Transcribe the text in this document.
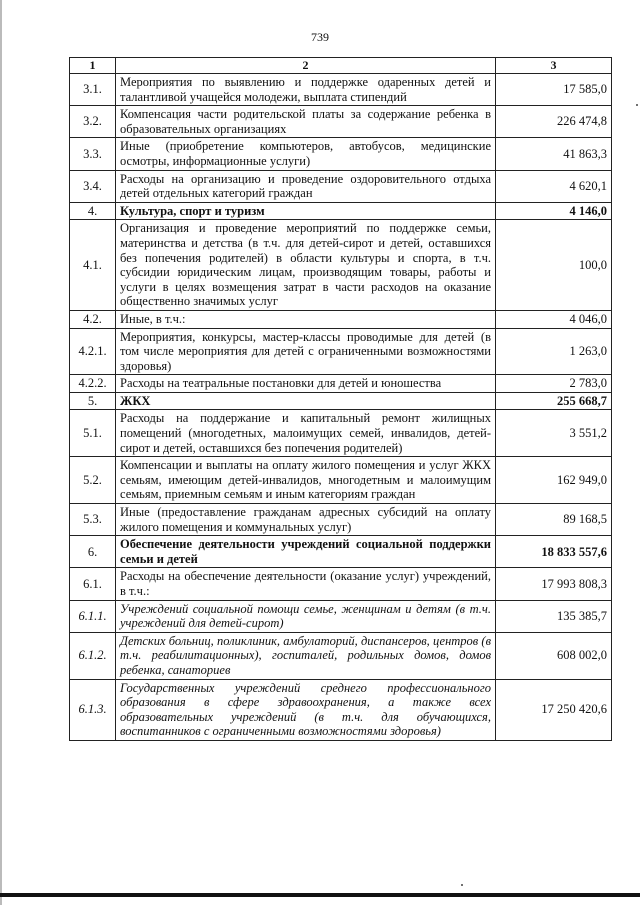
739
1	2	3
3.1.	Мероприятия по выявлению и поддержке одаренных детей и талантливой учащейся молодежи, выплата стипендий	17 585,0
3.2.	Компенсация части родительской платы за содержание ребенка в образовательных организациях	226 474,8
3.3.	Иные (приобретение компьютеров, автобусов, медицинские осмотры, информационные услуги)	41 863,3
3.4.	Расходы на организацию и проведение оздоровительного отдыха детей отдельных категорий граждан	4 620,1
4.	Культура, спорт и туризм	4 146,0
4.1.	Организация и проведение мероприятий по поддержке семьи, материнства и детства (в т.ч. для детей-сирот и детей, оставшихся без попечения родителей) в области культуры и спорта, в т.ч. субсидии юридическим лицам, производящим товары, работы и услуги в целях возмещения затрат в части расходов на оказание общественно значимых услуг	100,0
4.2.	Иные, в т.ч.:	4 046,0
4.2.1.	Мероприятия, конкурсы, мастер-классы проводимые для детей (в том числе мероприятия для детей с ограниченными возможностями здоровья)	1 263,0
4.2.2.	Расходы на театральные постановки для детей и юношества	2 783,0
5.	ЖКХ	255 668,7
5.1.	Расходы на поддержание и капитальный ремонт жилищных помещений (многодетных, малоимущих семей, инвалидов, детей-сирот и детей, оставшихся без попечения родителей)	3 551,2
5.2.	Компенсации и выплаты на оплату жилого помещения и услуг ЖКХ семьям, имеющим детей-инвалидов, многодетным и малоимущим семьям, приемным семьям и иным категориям граждан	162 949,0
5.3.	Иные (предоставление гражданам адресных субсидий на оплату жилого помещения и коммунальных услуг)	89 168,5
6.	Обеспечение деятельности учреждений социальной поддержки семьи и детей	18 833 557,6
6.1.	Расходы на обеспечение деятельности (оказание услуг) учреждений, в т.ч.:	17 993 808,3
6.1.1.	Учреждений социальной помощи семье, женщинам и детям (в т.ч. учреждений для детей-сирот)	135 385,7
6.1.2.	Детских больниц, поликлиник, амбулаторий, диспансеров, центров (в т.ч. реабилитационных), госпиталей, родильных домов, домов ребенка, санаториев	608 002,0
6.1.3.	Государственных учреждений среднего профессионального образования в сфере здравоохранения, а также всех образовательных учреждений (в т.ч. для обучающихся, воспитанников с ограниченными возможностями здоровья)	17 250 420,6
